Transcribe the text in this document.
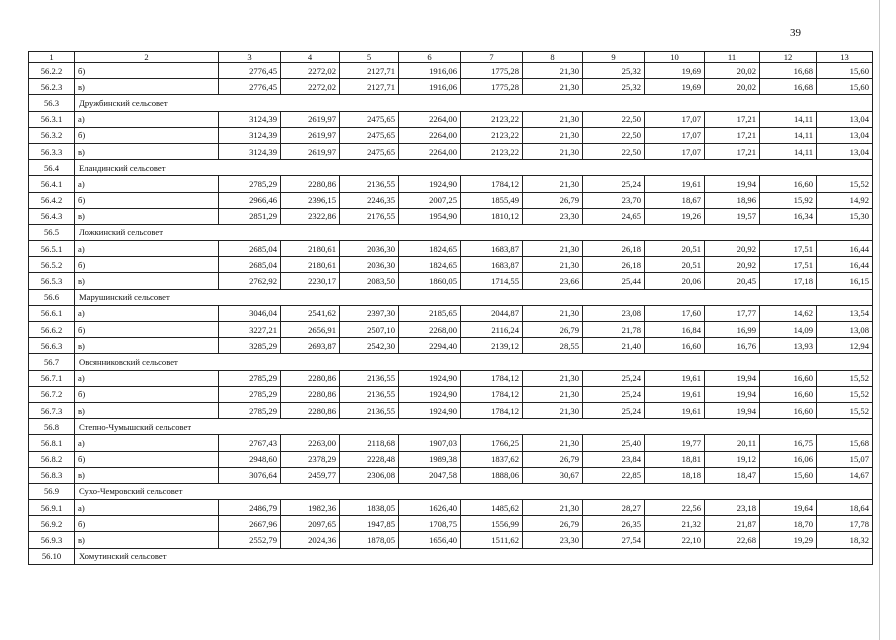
39
1	2	3	4	5	6	7	8	9	10	11	12	13
56.2.2	б)	2776,45	2272,02	2127,71	1916,06	1775,28	21,30	25,32	19,69	20,02	16,68	15,60
56.2.3	в)	2776,45	2272,02	2127,71	1916,06	1775,28	21,30	25,32	19,69	20,02	16,68	15,60
56.3	Дружбинский сельсовет											
56.3.1	а)	3124,39	2619,97	2475,65	2264,00	2123,22	21,30	22,50	17,07	17,21	14,11	13,04
56.3.2	б)	3124,39	2619,97	2475,65	2264,00	2123,22	21,30	22,50	17,07	17,21	14,11	13,04
56.3.3	в)	3124,39	2619,97	2475,65	2264,00	2123,22	21,30	22,50	17,07	17,21	14,11	13,04
56.4	Еландинский сельсовет											
56.4.1	а)	2785,29	2280,86	2136,55	1924,90	1784,12	21,30	25,24	19,61	19,94	16,60	15,52
56.4.2	б)	2966,46	2396,15	2246,35	2007,25	1855,49	26,79	23,70	18,67	18,96	15,92	14,92
56.4.3	в)	2851,29	2322,86	2176,55	1954,90	1810,12	23,30	24,65	19,26	19,57	16,34	15,30
56.5	Ложкинский сельсовет											
56.5.1	а)	2685,04	2180,61	2036,30	1824,65	1683,87	21,30	26,18	20,51	20,92	17,51	16,44
56.5.2	б)	2685,04	2180,61	2036,30	1824,65	1683,87	21,30	26,18	20,51	20,92	17,51	16,44
56.5.3	в)	2762,92	2230,17	2083,50	1860,05	1714,55	23,66	25,44	20,06	20,45	17,18	16,15
56.6	Марушинский сельсовет											
56.6.1	а)	3046,04	2541,62	2397,30	2185,65	2044,87	21,30	23,08	17,60	17,77	14,62	13,54
56.6.2	б)	3227,21	2656,91	2507,10	2268,00	2116,24	26,79	21,78	16,84	16,99	14,09	13,08
56.6.3	в)	3285,29	2693,87	2542,30	2294,40	2139,12	28,55	21,40	16,60	16,76	13,93	12,94
56.7	Овсянниковский сельсовет											
56.7.1	а)	2785,29	2280,86	2136,55	1924,90	1784,12	21,30	25,24	19,61	19,94	16,60	15,52
56.7.2	б)	2785,29	2280,86	2136,55	1924,90	1784,12	21,30	25,24	19,61	19,94	16,60	15,52
56.7.3	в)	2785,29	2280,86	2136,55	1924,90	1784,12	21,30	25,24	19,61	19,94	16,60	15,52
56.8	Степно-Чумышский сельсовет											
56.8.1	а)	2767,43	2263,00	2118,68	1907,03	1766,25	21,30	25,40	19,77	20,11	16,75	15,68
56.8.2	б)	2948,60	2378,29	2228,48	1989,38	1837,62	26,79	23,84	18,81	19,12	16,06	15,07
56.8.3	в)	3076,64	2459,77	2306,08	2047,58	1888,06	30,67	22,85	18,18	18,47	15,60	14,67
56.9	Сухо-Чемровский сельсовет											
56.9.1	а)	2486,79	1982,36	1838,05	1626,40	1485,62	21,30	28,27	22,56	23,18	19,64	18,64
56.9.2	б)	2667,96	2097,65	1947,85	1708,75	1556,99	26,79	26,35	21,32	21,87	18,70	17,78
56.9.3	в)	2552,79	2024,36	1878,05	1656,40	1511,62	23,30	27,54	22,10	22,68	19,29	18,32
56.10	Хомутинский сельсовет											
